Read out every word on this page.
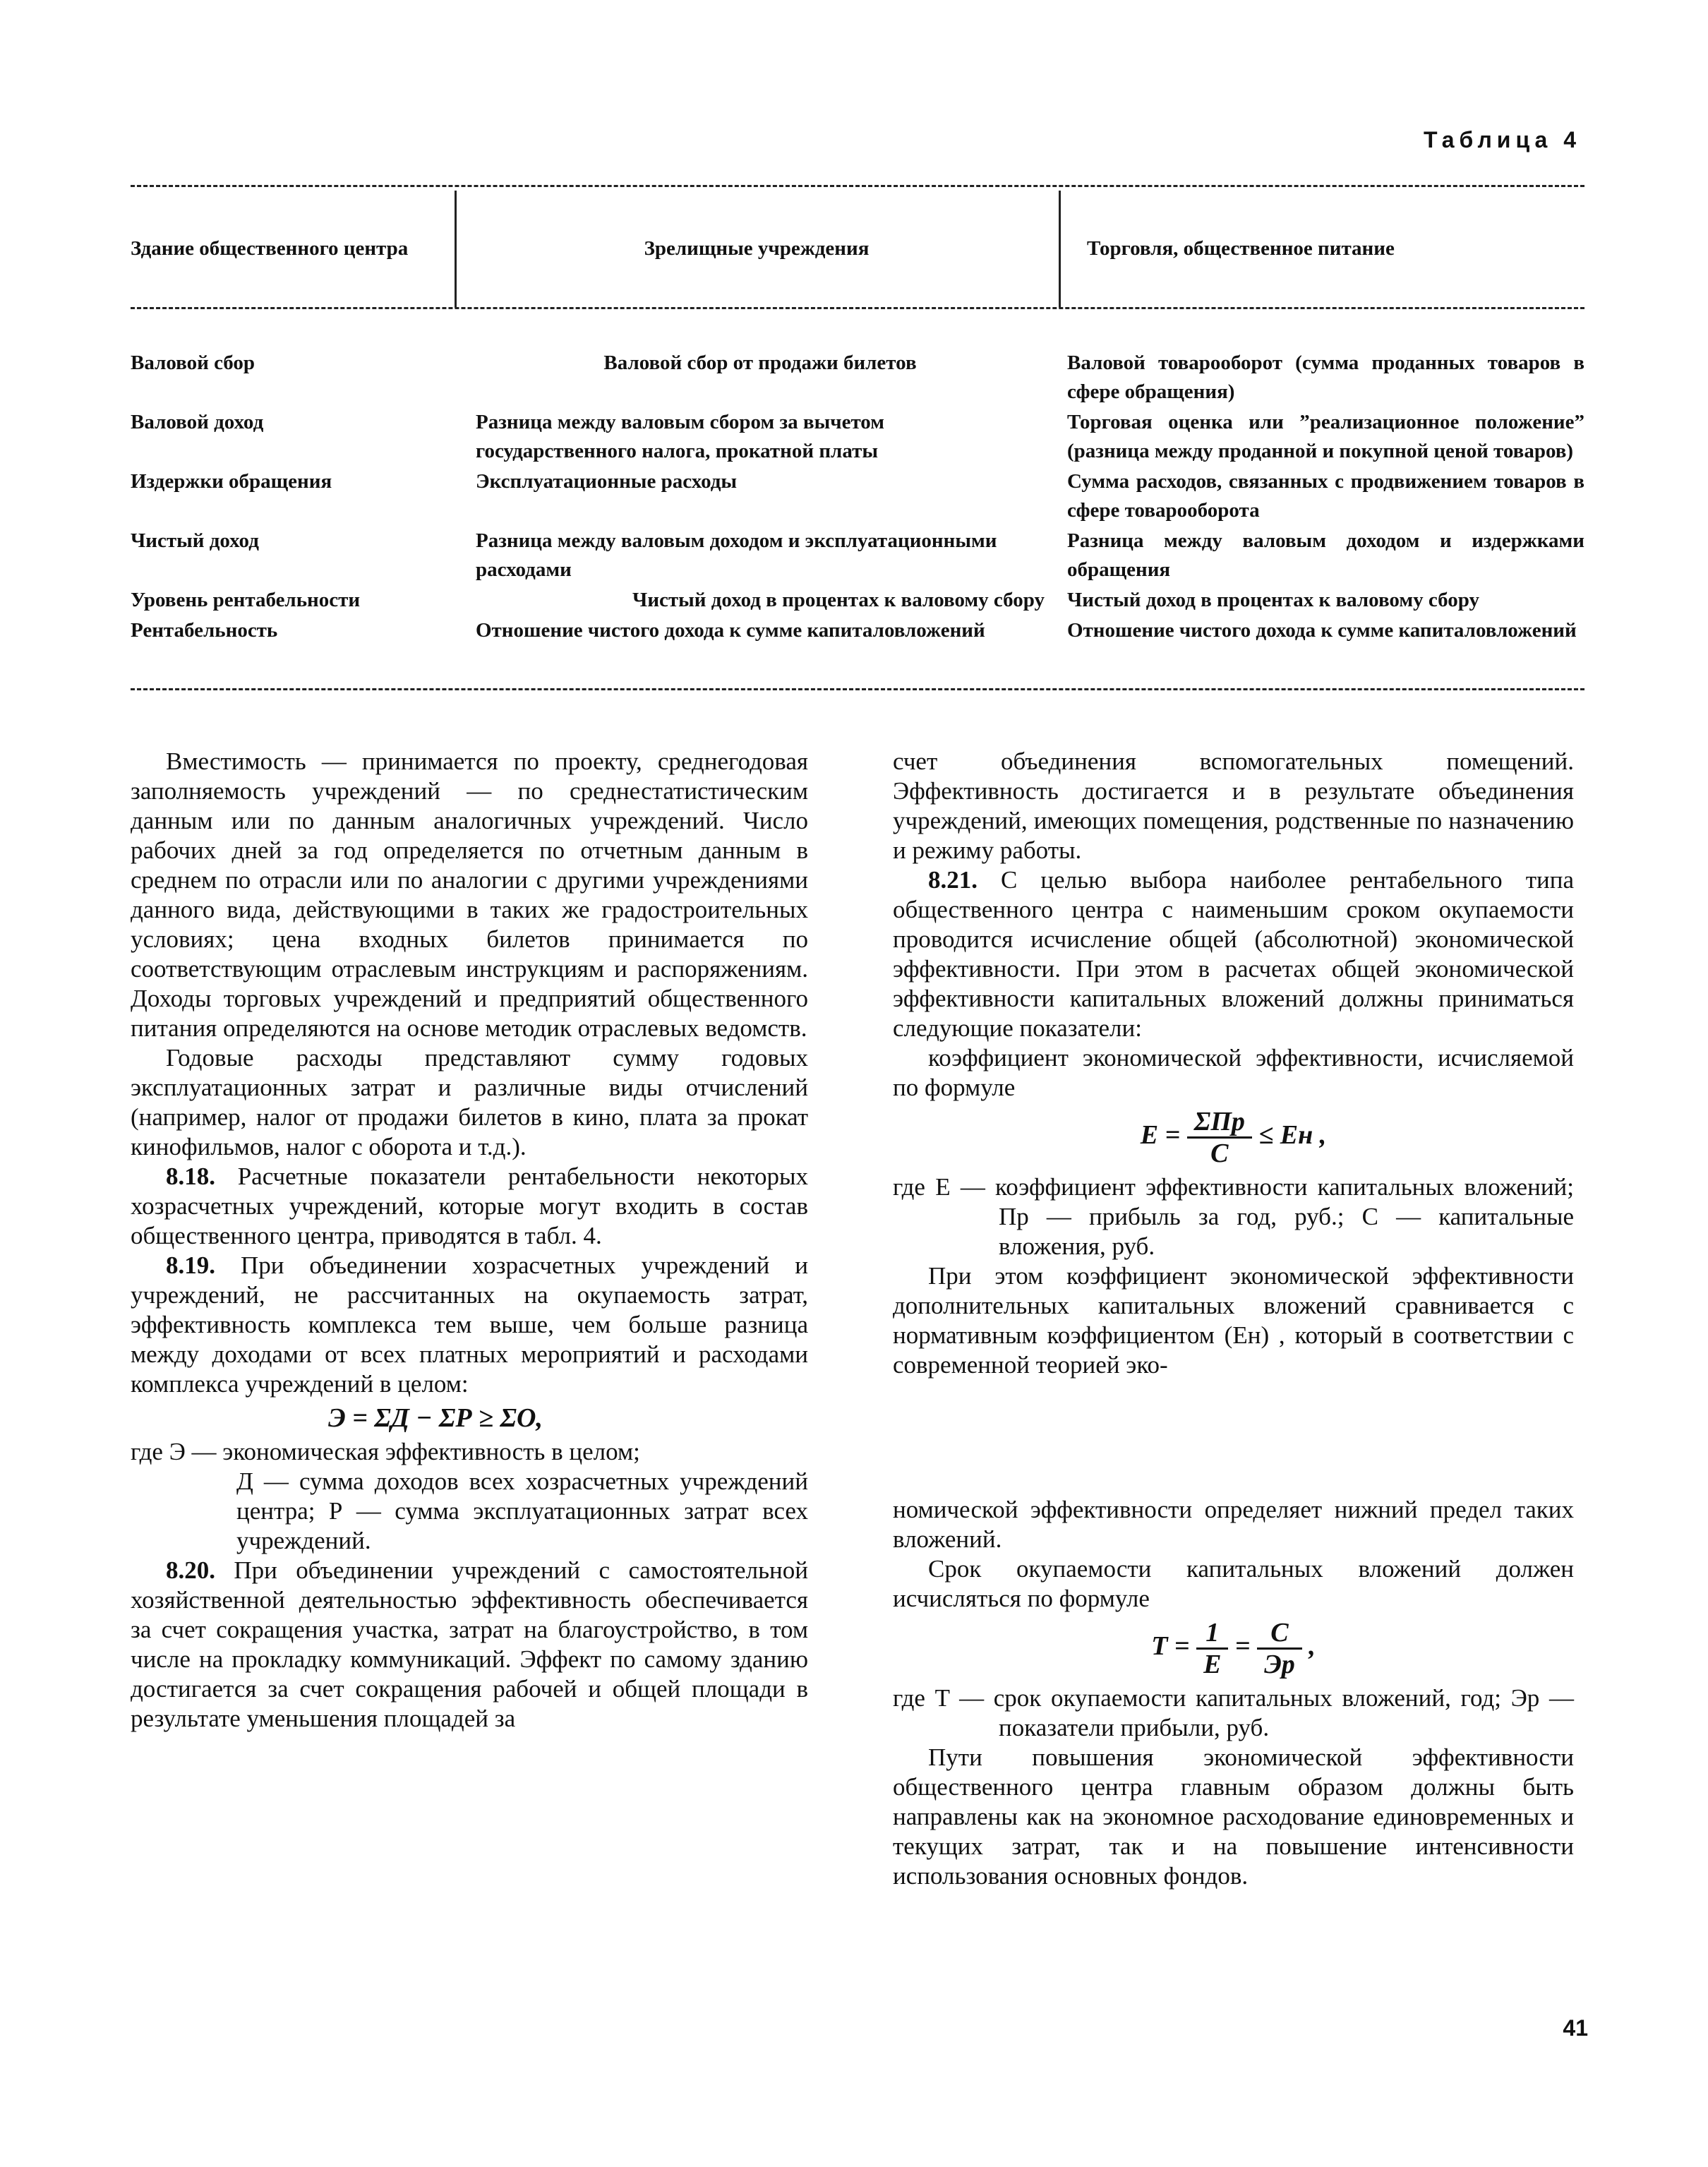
Таблица 4
Здание общественного центра	Зрелищные учреждения	Торговля, общественное питание
Валовой сбор	Валовой сбор от продажи билетов	Валовой товарооборот (сумма проданных товаров в сфере обращения)
Валовой доход	Разница между валовым сбором за вычетом государственного налога, прокатной платы	Торговая оценка или ”реализационное положение” (разница между проданной и покупной ценой товаров)
Издержки обращения	Эксплуатационные расходы	Сумма расходов, связанных с продвижением товаров в сфере товарооборота
Чистый доход	Разница между валовым доходом и эксплуатационными расходами	Разница между валовым доходом и издержками обращения
Уровень рентабельности	Чистый доход в процентах к валовому сбору	Чистый доход в процентах к валовому сбору
Рентабельность	Отношение чистого дохода к сумме капиталовложений	Отношение чистого дохода к сумме капиталовложений

Вместимость — принимается по проекту, среднегодовая заполняемость учреждений — по среднестатистическим данным или по данным аналогичных учреждений. Число рабочих дней за год определяется по отчетным данным в среднем по отрасли или по аналогии с другими учреждениями данного вида, действующими в таких же градостроительных условиях; цена входных билетов принимается по соответствующим отраслевым инструкциям и распоряжениям. Доходы торговых учреждений и предприятий общественного питания определяются на основе методик отраслевых ведомств.

Годовые расходы представляют сумму годовых эксплуатационных затрат и различные виды отчислений (например, налог от продажи билетов в кино, плата за прокат кинофильмов, налог с оборота и т.д.).

8.18. Расчетные показатели рентабельности некоторых хозрасчетных учреждений, которые могут входить в состав общественного центра, приводятся в табл. 4.

8.19. При объединении хозрасчетных учреждений и учреждений, не рассчитанных на окупаемость затрат, эффективность комплекса тем выше, чем больше разница между доходами от всех платных мероприятий и расходами комплекса учреждений в целом:

Э = ΣД − ΣР ≥ ΣО,

где Э — экономическая эффективность в целом;

Д — сумма доходов всех хозрасчетных учреждений центра; Р — сумма эксплуатационных затрат всех учреждений.

8.20. При объединении учреждений с самостоятельной хозяйственной деятельностью эффективность обеспечивается за счет сокращения участка, затрат на благоустройство, в том числе на прокладку коммуникаций. Эффект по самому зданию достигается за счет сокращения рабочей и общей площади в результате уменьшения площадей за

счет объединения вспомогательных помещений. Эффективность достигается и в результате объединения учреждений, имеющих помещения, родственные по назначению и режиму работы.

8.21. С целью выбора наиболее рентабельного типа общественного центра с наименьшим сроком окупаемости проводится исчисление общей (абсолютной) экономической эффективности. При этом в расчетах общей экономической эффективности капитальных вложений должны приниматься следующие показатели:

коэффициент экономической эффективности, исчисляемой по формуле

$E = \frac{\text{ΣПр}}{C}$ ≤ Eн ,

где E — коэффициент эффективности капитальных вложений; Пр — прибыль за год, руб.; C — капитальные вложения, руб.

При этом коэффициент экономической эффективности дополнительных капитальных вложений сравнивается с нормативным коэффициентом (Eн) , который в соответствии с современной теорией эко-

номической эффективности определяет нижний предел таких вложений.

Срок окупаемости капитальных вложений должен исчисляться по формуле

$T = \frac{1}{E} = \frac{C}{Эр}$ ,

где T — срок окупаемости капитальных вложений, год; Эр — показатели прибыли, руб.

Пути повышения экономической эффективности общественного центра главным образом должны быть направлены как на экономное расходование единовременных и текущих затрат, так и на повышение интенсивности использования основных фондов.

41
